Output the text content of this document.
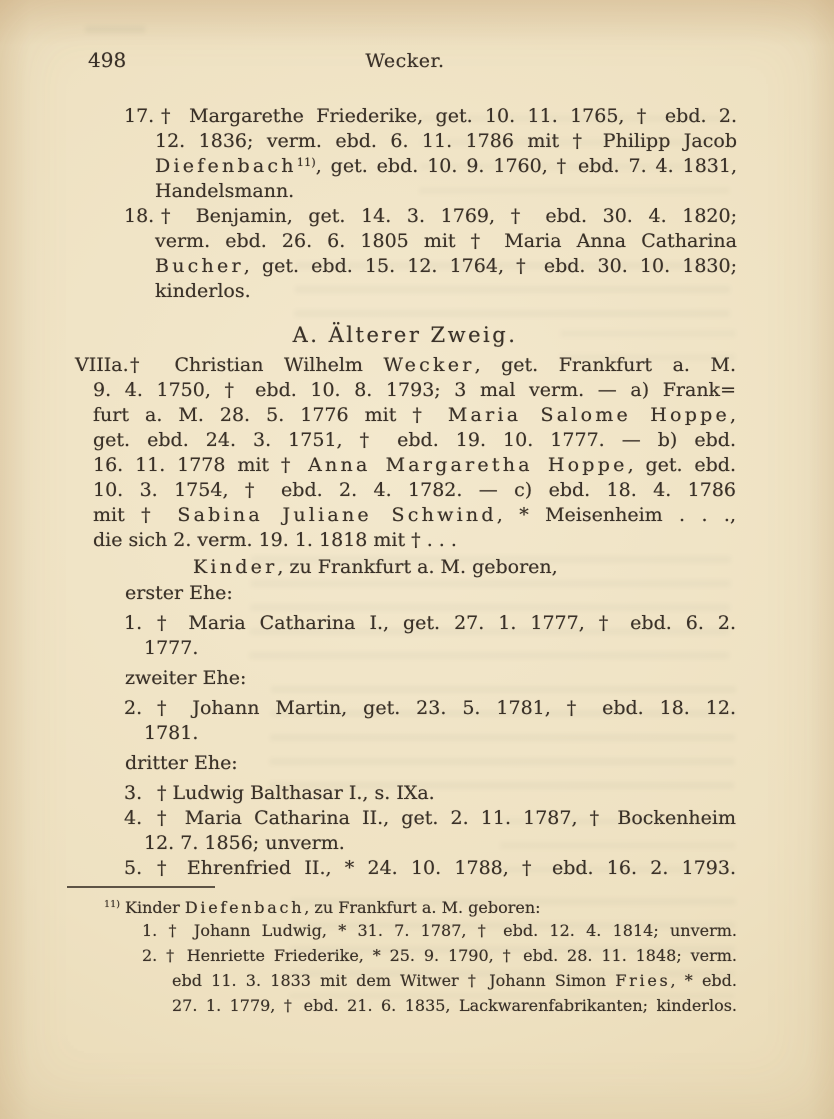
498	Wecker.
17. † Margarethe Friederike, get. 10. 11. 1765, † ebd. 2.
12. 1836; verm. ebd. 6. 11. 1786 mit † Philipp Jacob
Diefenbach$^{11)}$, get. ebd. 10. 9. 1760, † ebd. 7. 4. 1831,
Handelsmann.
18. † Benjamin, get. 14. 3. 1769, † ebd. 30. 4. 1820;
verm. ebd. 26. 6. 1805 mit † Maria Anna Catharina
Bucher, get. ebd. 15. 12. 1764, † ebd. 30. 10. 1830;
kinderlos.
A. Älterer Zweig.
VIIIa. † Christian Wilhelm Wecker, get. Frankfurt a. M.
9. 4. 1750, † ebd. 10. 8. 1793; 3 mal verm. — a) Frank=
furt a. M. 28. 5. 1776 mit † Maria Salome Hoppe,
get. ebd. 24. 3. 1751, † ebd. 19. 10. 1777. — b) ebd.
16. 11. 1778 mit † Anna Margaretha Hoppe, get. ebd.
10. 3. 1754, † ebd. 2. 4. 1782. — c) ebd. 18. 4. 1786
mit † Sabina Juliane Schwind, * Meisenheim . . .,
die sich 2. verm. 19. 1. 1818 mit † . . .
Kinder, zu Frankfurt a. M. geboren,
erster Ehe:
1. † Maria Catharina I., get. 27. 1. 1777, † ebd. 6. 2.
1777.
zweiter Ehe:
2. † Johann Martin, get. 23. 5. 1781, † ebd. 18. 12.
1781.
dritter Ehe:
3. † Ludwig Balthasar I., s. IXa.
4. † Maria Catharina II., get. 2. 11. 1787, † Bockenheim
12. 7. 1856; unverm.
5. † Ehrenfried II., * 24. 10. 1788, † ebd. 16. 2. 1793.
$^{11)}$ Kinder Diefenbach, zu Frankfurt a. M. geboren:
1. † Johann Ludwig, * 31. 7. 1787, † ebd. 12. 4. 1814; unverm.
2. † Henriette Friederike, * 25. 9. 1790, † ebd. 28. 11. 1848; verm.
ebd 11. 3. 1833 mit dem Witwer † Johann Simon Fries, * ebd.
27. 1. 1779, † ebd. 21. 6. 1835, Lackwarenfabrikanten; kinderlos.
